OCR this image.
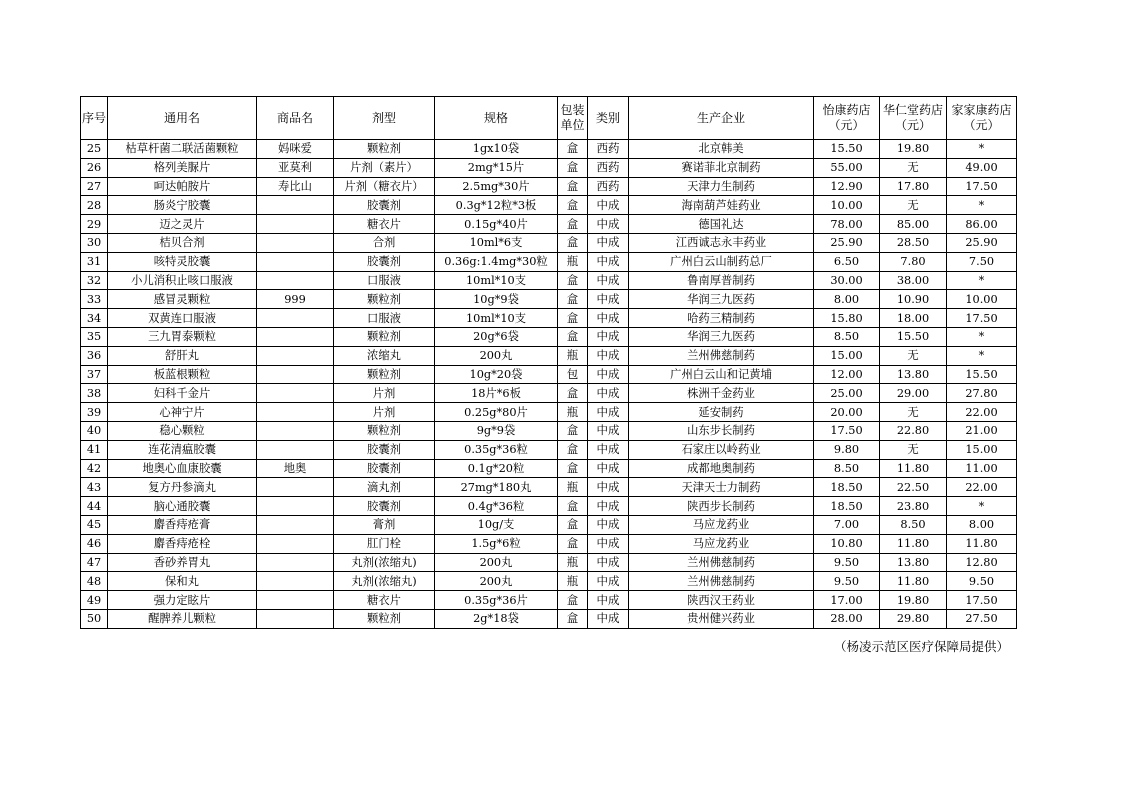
序号	通用名	商品名	剂型	规格	包装单位	类别	生产企业	怡康药店（元）	华仁堂药店（元）	家家康药店（元）
25	枯草杆菌二联活菌颗粒	妈咪爱	颗粒剂	1gx10袋	盒	西药	北京韩美	15.50	19.80	*
26	格列美脲片	亚莫利	片剂（素片）	2mg*15片	盒	西药	赛诺菲北京制药	55.00	无	49.00
27	呵达帕胺片	寿比山	片剂（糖衣片）	2.5mg*30片	盒	西药	天津力生制药	12.90	17.80	17.50
28	肠炎宁胶囊		胶囊剂	0.3g*12粒*3板	盒	中成	海南葫芦娃药业	10.00	无	*
29	迈之灵片		糖衣片	0.15g*40片	盒	中成	德国礼达	78.00	85.00	86.00
30	桔贝合剂		合剂	10ml*6支	盒	中成	江西诚志永丰药业	25.90	28.50	25.90
31	咳特灵胶囊		胶囊剂	0.36g:1.4mg*30粒	瓶	中成	广州白云山制药总厂	6.50	7.80	7.50
32	小儿消积止咳口服液		口服液	10ml*10支	盒	中成	鲁南厚普制药	30.00	38.00	*
33	感冒灵颗粒	999	颗粒剂	10g*9袋	盒	中成	华润三九医药	8.00	10.90	10.00
34	双黄连口服液		口服液	10ml*10支	盒	中成	哈药三精制药	15.80	18.00	17.50
35	三九胃泰颗粒		颗粒剂	20g*6袋	盒	中成	华润三九医药	8.50	15.50	*
36	舒肝丸		浓缩丸	200丸	瓶	中成	兰州佛慈制药	15.00	无	*
37	板蓝根颗粒		颗粒剂	10g*20袋	包	中成	广州白云山和记黄埔	12.00	13.80	15.50
38	妇科千金片		片剂	18片*6板	盒	中成	株洲千金药业	25.00	29.00	27.80
39	心神宁片		片剂	0.25g*80片	瓶	中成	延安制药	20.00	无	22.00
40	稳心颗粒		颗粒剂	9g*9袋	盒	中成	山东步长制药	17.50	22.80	21.00
41	连花清瘟胶囊		胶囊剂	0.35g*36粒	盒	中成	石家庄以岭药业	9.80	无	15.00
42	地奥心血康胶囊	地奥	胶囊剂	0.1g*20粒	盒	中成	成都地奥制药	8.50	11.80	11.00
43	复方丹参滴丸		滴丸剂	27mg*180丸	瓶	中成	天津天士力制药	18.50	22.50	22.00
44	脑心通胶囊		胶囊剂	0.4g*36粒	盒	中成	陕西步长制药	18.50	23.80	*
45	麝香痔疮膏		膏剂	10g/支	盒	中成	马应龙药业	7.00	8.50	8.00
46	麝香痔疮栓		肛门栓	1.5g*6粒	盒	中成	马应龙药业	10.80	11.80	11.80
47	香砂养胃丸		丸剂(浓缩丸)	200丸	瓶	中成	兰州佛慈制药	9.50	13.80	12.80
48	保和丸		丸剂(浓缩丸)	200丸	瓶	中成	兰州佛慈制药	9.50	11.80	9.50
49	强力定眩片		糖衣片	0.35g*36片	盒	中成	陕西汉王药业	17.00	19.80	17.50
50	醒脾养儿颗粒		颗粒剂	2g*18袋	盒	中成	贵州健兴药业	28.00	29.80	27.50
（杨凌示范区医疗保障局提供）
